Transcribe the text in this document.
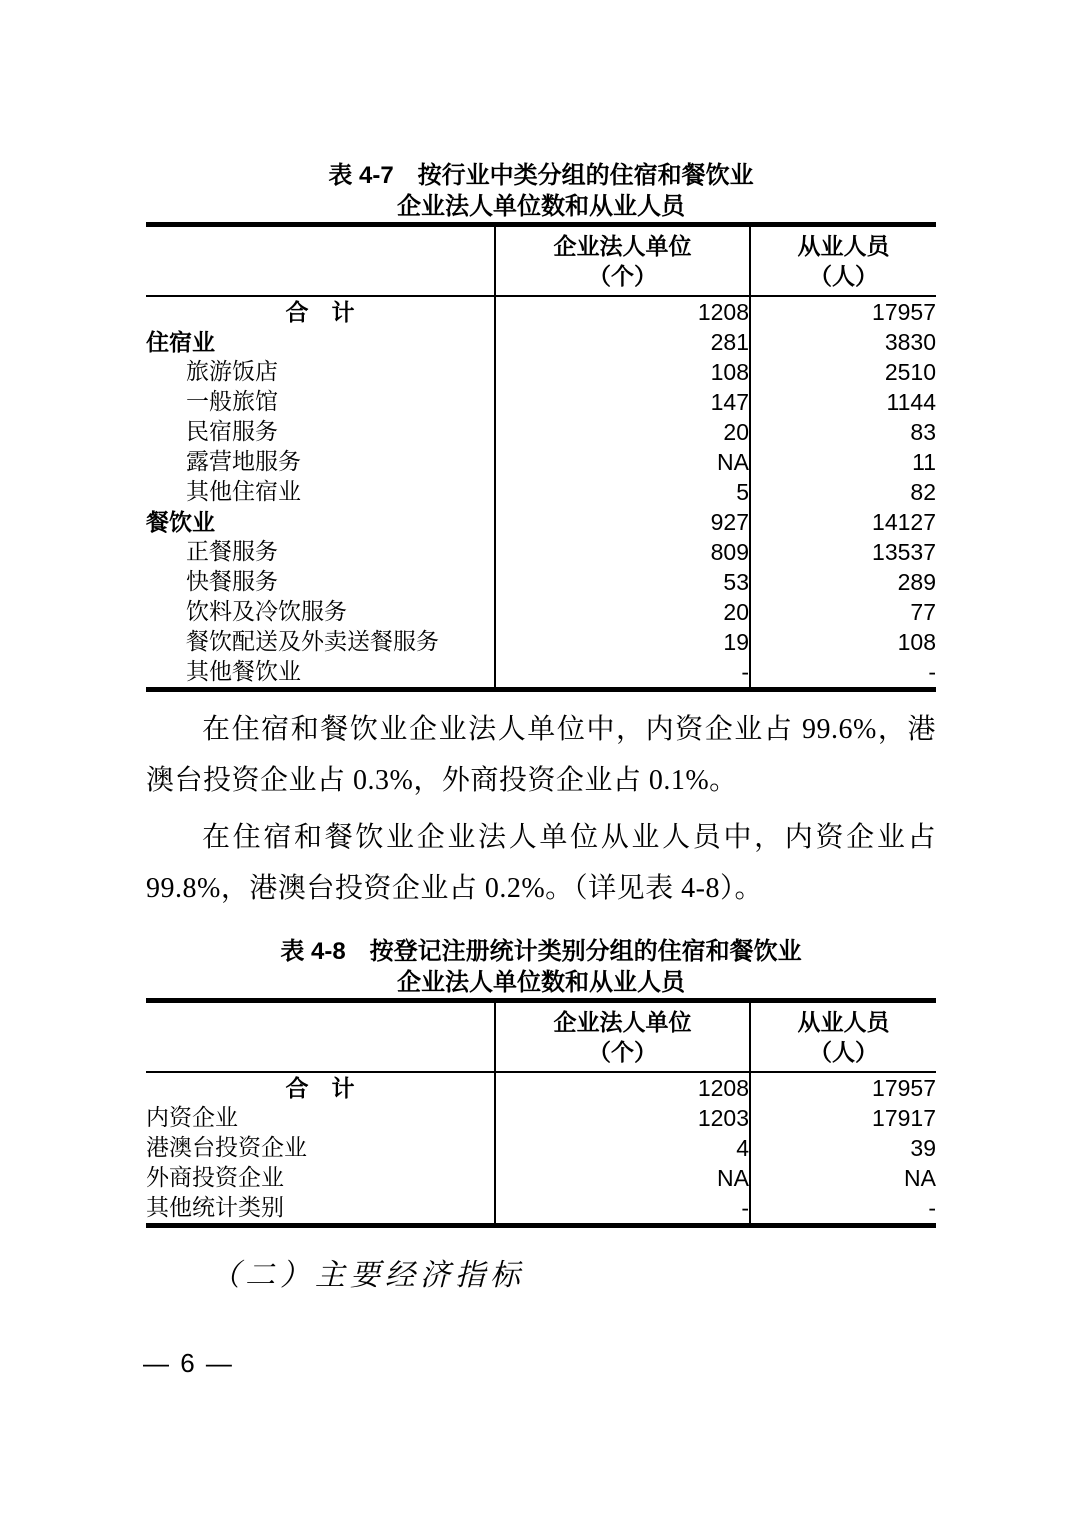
表 4-7　按行业中类分组的住宿和餐饮业
企业法人单位数和从业人员

企业法人单位
（个）

从业人员
（人）

合　计	1208	17957
住宿业	281	3830
旅游饭店	108	2510
一般旅馆	147	1144
民宿服务	20	83
露营地服务	NA	11
其他住宿业	5	82
餐饮业	927	14127
正餐服务	809	13537
快餐服务	53	289
饮料及冷饮服务	20	77
餐饮配送及外卖送餐服务	19	108
其他餐饮业	-	-

在住宿和餐饮业企业法人单位中，内资企业占 99.6%，港澳台投资企业占 0.3%，外商投资企业占 0.1%。

在住宿和餐饮业企业法人单位从业人员中，内资企业占 99.8%，港澳台投资企业占 0.2%。（详见表 4-8）。

表 4-8　按登记注册统计类别分组的住宿和餐饮业
企业法人单位数和从业人员

企业法人单位
（个）

从业人员
（人）

合　计	1208	17957
内资企业	1203	17917
港澳台投资企业	4	39
外商投资企业	NA	NA
其他统计类别	-	-
（二）主要经济指标
— 6 —
